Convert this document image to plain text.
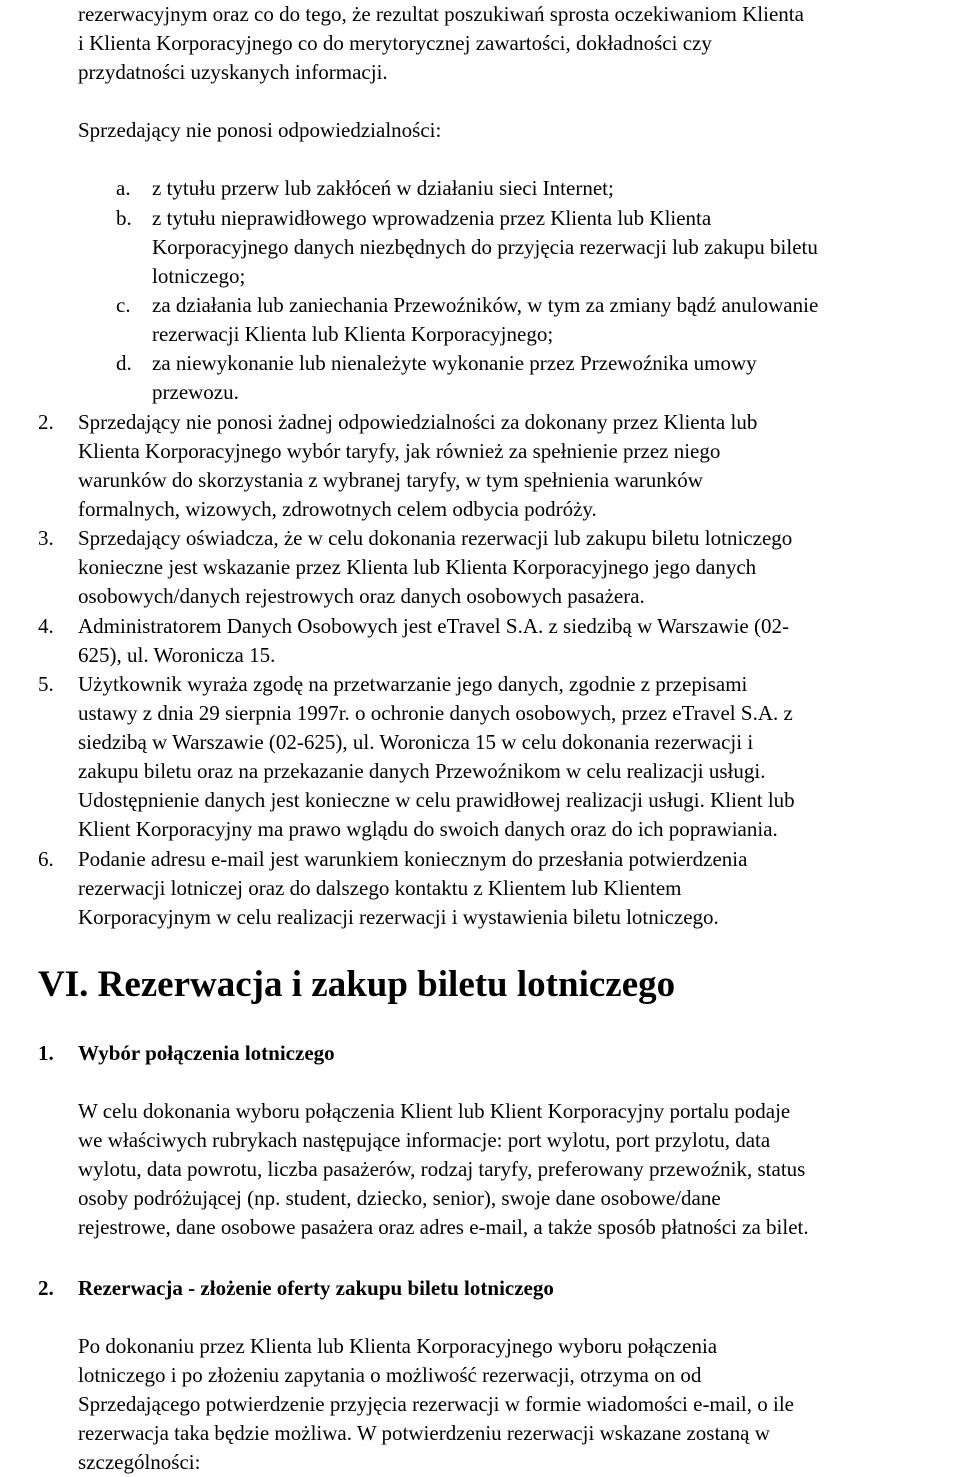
rezerwacyjnym oraz co do tego, że rezultat poszukiwań sprosta oczekiwaniom Klienta
i Klienta Korporacyjnego co do merytorycznej zawartości, dokładności czy
przydatności uzyskanych informacji.
Sprzedający nie ponosi odpowiedzialności:
a. z tytułu przerw lub zakłóceń w działaniu sieci Internet;
b. z tytułu nieprawidłowego wprowadzenia przez Klienta lub Klienta
Korporacyjnego danych niezbędnych do przyjęcia rezerwacji lub zakupu biletu
lotniczego;
c. za działania lub zaniechania Przewoźników, w tym za zmiany bądź anulowanie
rezerwacji Klienta lub Klienta Korporacyjnego;
d. za niewykonanie lub nienależyte wykonanie przez Przewoźnika umowy
przewozu.
2. Sprzedający nie ponosi żadnej odpowiedzialności za dokonany przez Klienta lub
Klienta Korporacyjnego wybór taryfy, jak również za spełnienie przez niego
warunków do skorzystania z wybranej taryfy, w tym spełnienia warunków
formalnych, wizowych, zdrowotnych celem odbycia podróży.
3. Sprzedający oświadcza, że w celu dokonania rezerwacji lub zakupu biletu lotniczego
konieczne jest wskazanie przez Klienta lub Klienta Korporacyjnego jego danych
osobowych/danych rejestrowych oraz danych osobowych pasażera.
4. Administratorem Danych Osobowych jest eTravel S.A. z siedzibą w Warszawie (02-
625), ul. Woronicza 15.
5. Użytkownik wyraża zgodę na przetwarzanie jego danych, zgodnie z przepisami
ustawy z dnia 29 sierpnia 1997r. o ochronie danych osobowych, przez eTravel S.A. z
siedzibą w Warszawie (02-625), ul. Woronicza 15 w celu dokonania rezerwacji i
zakupu biletu oraz na przekazanie danych Przewoźnikom w celu realizacji usługi.
Udostępnienie danych jest konieczne w celu prawidłowej realizacji usługi. Klient lub
Klient Korporacyjny ma prawo wglądu do swoich danych oraz do ich poprawiania.
6. Podanie adresu e-mail jest warunkiem koniecznym do przesłania potwierdzenia
rezerwacji lotniczej oraz do dalszego kontaktu z Klientem lub Klientem
Korporacyjnym w celu realizacji rezerwacji i wystawienia biletu lotniczego.
VI. Rezerwacja i zakup biletu lotniczego
1. Wybór połączenia lotniczego
W celu dokonania wyboru połączenia Klient lub Klient Korporacyjny portalu podaje
we właściwych rubrykach następujące informacje: port wylotu, port przylotu, data
wylotu, data powrotu, liczba pasażerów, rodzaj taryfy, preferowany przewoźnik, status
osoby podróżującej (np. student, dziecko, senior), swoje dane osobowe/dane
rejestrowe, dane osobowe pasażera oraz adres e-mail, a także sposób płatności za bilet.
2. Rezerwacja - złożenie oferty zakupu biletu lotniczego
Po dokonaniu przez Klienta lub Klienta Korporacyjnego wyboru połączenia
lotniczego i po złożeniu zapytania o możliwość rezerwacji, otrzyma on od
Sprzedającego potwierdzenie przyjęcia rezerwacji w formie wiadomości e-mail, o ile
rezerwacja taka będzie możliwa. W potwierdzeniu rezerwacji wskazane zostaną w
szczególności:
